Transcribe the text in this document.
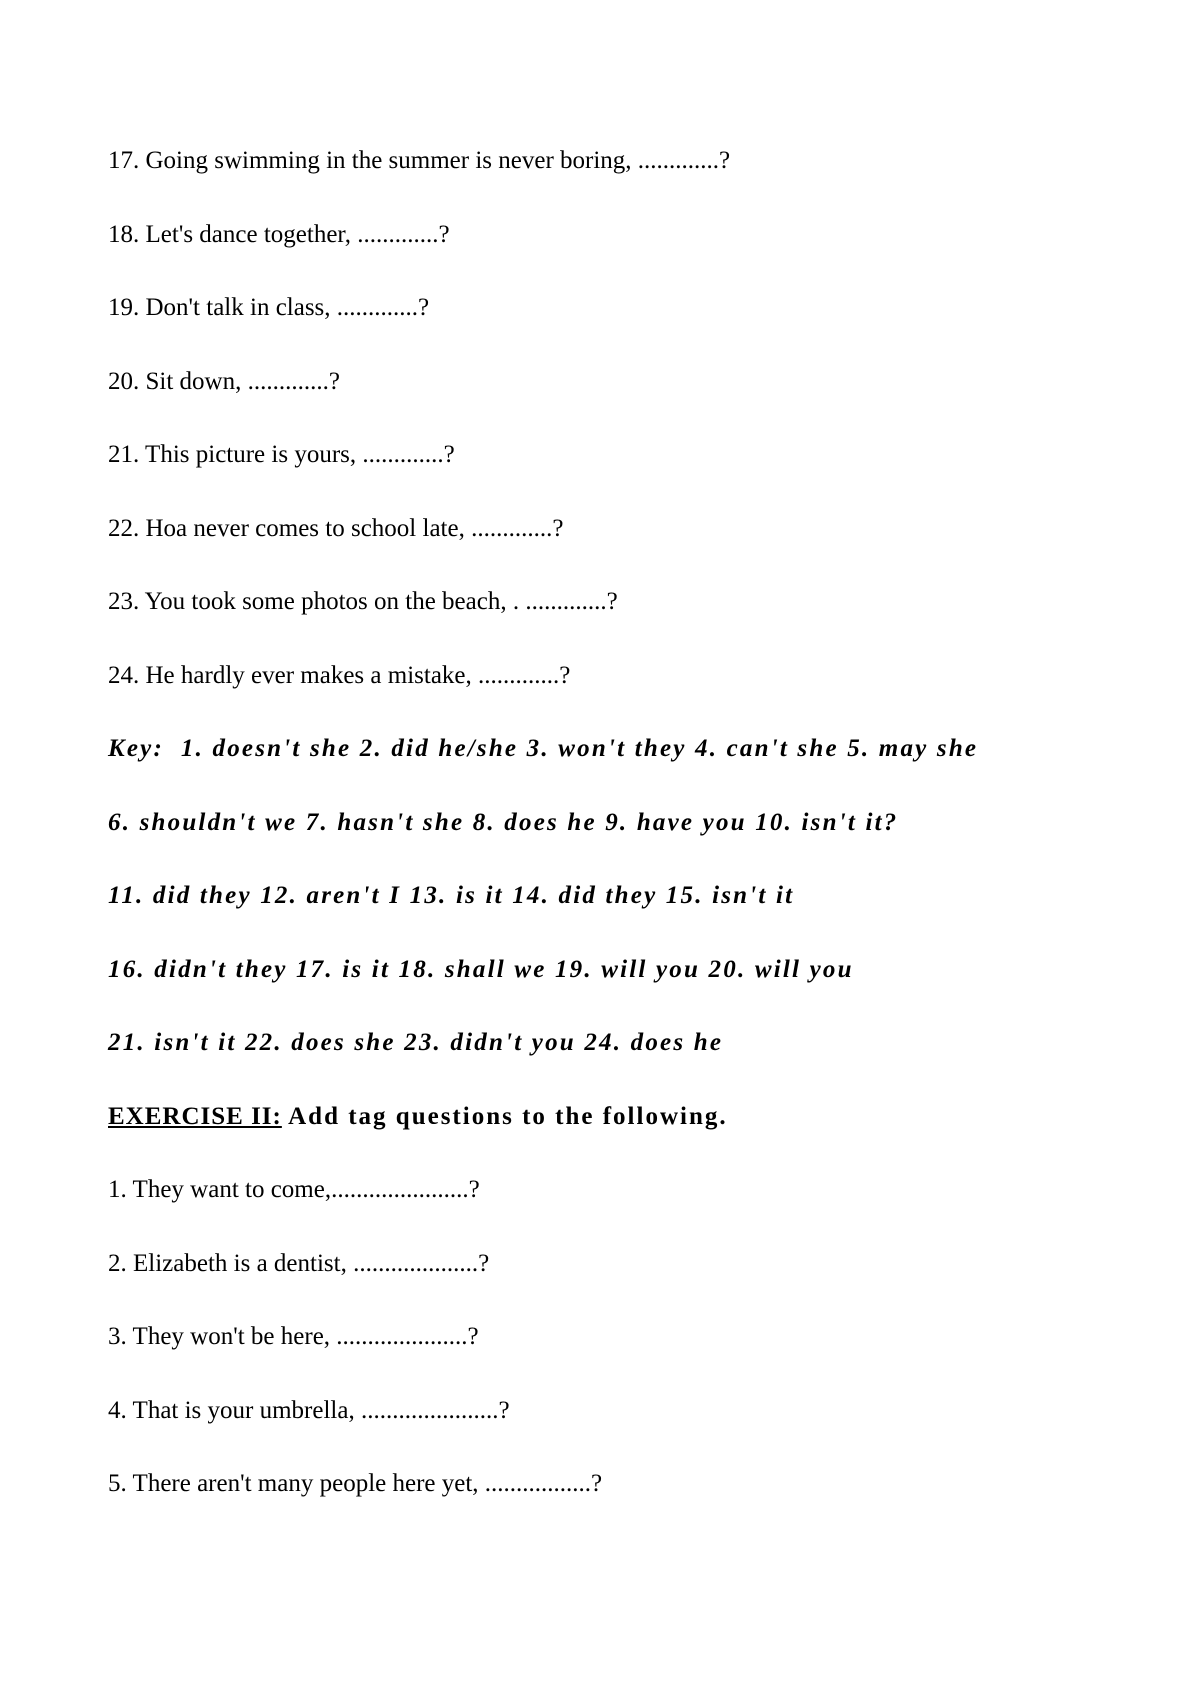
17. Going swimming in the summer is never boring, .............?
18. Let's dance together, .............?
19. Don't talk in class, .............?
20. Sit down, .............?
21. This picture is yours, .............?
22. Hoa never comes to school late, .............?
23. You took some photos on the beach, . .............?
24. He hardly ever makes a mistake, .............?
Key: 1. doesn't she 2. did he/she 3. won't they 4. can't she 5. may she
6. shouldn't we 7. hasn't she 8. does he 9. have you 10. isn't it?
11. did they 12. aren't I 13. is it 14. did they 15. isn't it
16. didn't they 17. is it 18. shall we 19. will you 20. will you
21. isn't it 22. does she 23. didn't you 24. does he
EXERCISE II: Add tag questions to the following.
1. They want to come,......................?
2. Elizabeth is a dentist, ....................?
3. They won't be here, .....................?
4. That is your umbrella, ......................?
5. There aren't many people here yet, .................?
